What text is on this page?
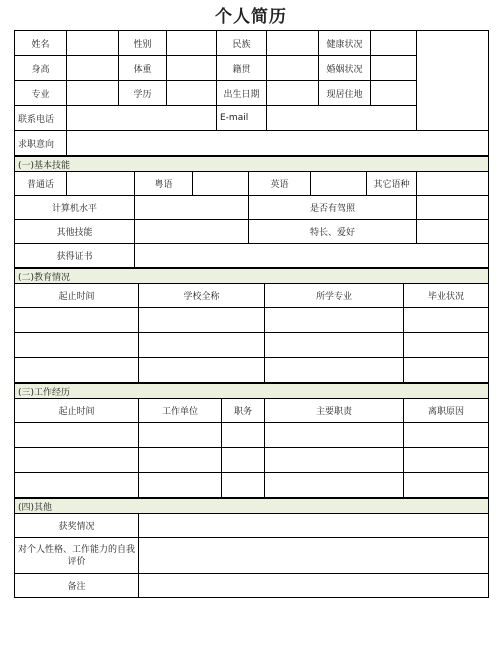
个人简历
姓名		性别		民族		健康状况		
身高		体重		籍贯		婚姻状况		
专业		学历		出生日期		现居住地		
联系电话				E-mail				
求职意向								
(一)基本技能							
普通话		粤语		英语		其它语种	
计算机水平				是否有驾照			
其他技能				特长、爱好			
获得证书							
(二)教育情况			
起止时间	学校全称	所学专业	毕业状况

(三)工作经历				
起止时间	工作单位	职务	主要职责	离职原因

(四)其他	
获奖情况	
对个人性格、工作能力的自我评价	
备注	
